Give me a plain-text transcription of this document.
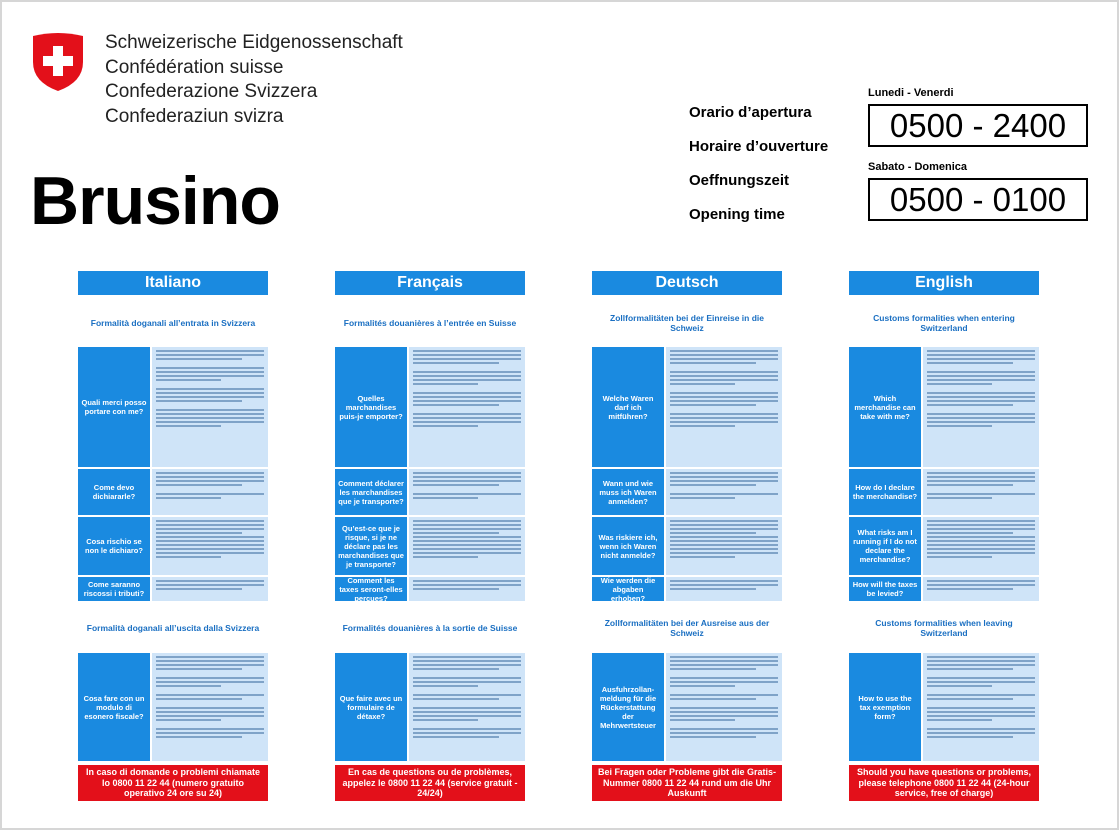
Schweizerische Eidgenossenschaft
Confédération suisse
Confederazione Svizzera
Confederaziun svizra
Brusino
Orario d’apertura
Horaire d’ouverture
Oeffnungszeit
Opening time
Lunedi - Venerdi
0500 - 2400
Sabato - Domenica
0500 - 0100
Italiano
Formalità doganali all’entrata in Svizzera
Quali merci posso portare con me?
Come devo dichiararle?
Cosa rischio se non le dichiaro?
Come saranno riscossi i tributi?
Formalità doganali all’uscita dalla Svizzera
Cosa fare con un modulo di esonero fiscale?
In caso di domande o problemi chiamate lo 0800 11 22 44 (numero gratuito operativo 24 ore su 24)
Français
Formalités douanières à l’entrée en Suisse
Quelles marchandises puis-je emporter?
Comment déclarer les marchandises que je transporte?
Qu’est-ce que je risque, si je ne déclare pas les marchandises que je transporte?
Comment les taxes seront-elles perçues?
Formalités douanières à la sortie de Suisse
Que faire avec un formulaire de détaxe?
En cas de questions ou de problèmes, appelez le 0800 11 22 44 (service gratuit - 24/24)
Deutsch
Zollformalitäten bei der Einreise in die Schweiz
Welche Waren darf ich mitführen?
Wann und wie muss ich Waren anmelden?
Was riskiere ich, wenn ich Waren nicht anmelde?
Wie werden die abgaben erhoben?
Zollformalitäten bei der Ausreise aus der Schweiz
Ausfuhrzollan-meldung für die Rückerstattung der Mehrwertsteuer
Bei Fragen oder Probleme gibt die Gratis-Nummer 0800 11 22 44 rund um die Uhr Auskunft
English
Customs formalities when entering Switzerland
Which merchandise can take with me?
How do I declare the merchandise?
What risks am I running if I do not declare the merchandise?
How will the taxes be levied?
Customs formalities when leaving Switzerland
How to use the tax exemption form?
Should you have questions or problems, please telephone 0800 11 22 44 (24-hour service, free of charge)
